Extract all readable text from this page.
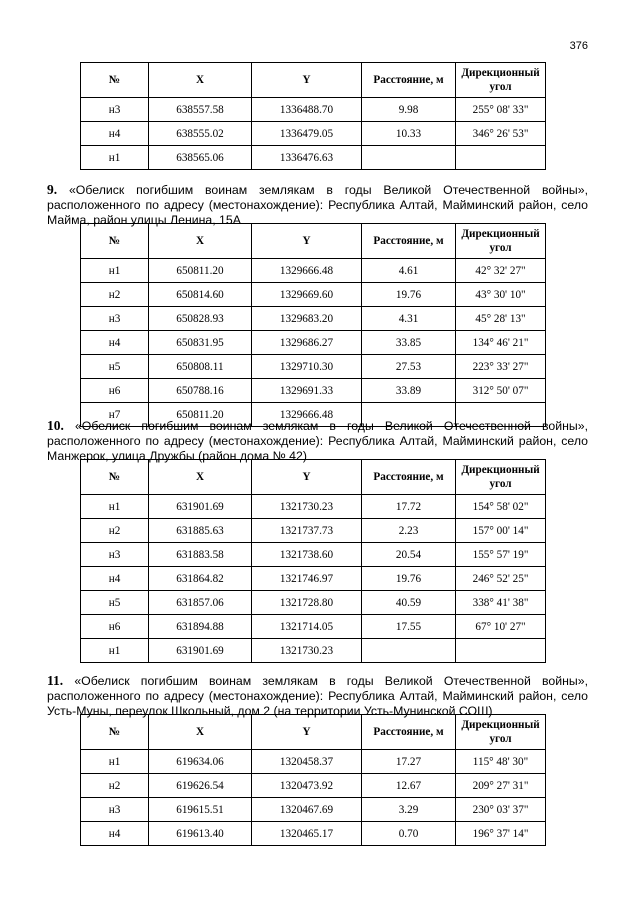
376
№	X	Y	Расстояние, м	Дирекционный угол
н3	638557.58	1336488.70	9.98	255° 08' 33"
н4	638555.02	1336479.05	10.33	346° 26' 53"
н1	638565.06	1336476.63		
9. «Обелиск погибшим воинам землякам в годы Великой Отечественной войны», расположенного по адресу (местонахождение): Республика Алтай, Майминский район, село Майма, район улицы Ленина, 15А
№	X	Y	Расстояние, м	Дирекционный угол
н1	650811.20	1329666.48	4.61	42° 32' 27"
н2	650814.60	1329669.60	19.76	43° 30' 10"
н3	650828.93	1329683.20	4.31	45° 28' 13"
н4	650831.95	1329686.27	33.85	134° 46' 21"
н5	650808.11	1329710.30	27.53	223° 33' 27"
н6	650788.16	1329691.33	33.89	312° 50' 07"
н7	650811.20	1329666.48		
10. «Обелиск погибшим воинам землякам в годы Великой Отечественной войны», расположенного по адресу (местонахождение): Республика Алтай, Майминский район, село Манжерок, улица Дружбы (район дома № 42)
№	X	Y	Расстояние, м	Дирекционный угол
н1	631901.69	1321730.23	17.72	154° 58' 02"
н2	631885.63	1321737.73	2.23	157° 00' 14"
н3	631883.58	1321738.60	20.54	155° 57' 19"
н4	631864.82	1321746.97	19.76	246° 52' 25"
н5	631857.06	1321728.80	40.59	338° 41' 38"
н6	631894.88	1321714.05	17.55	67° 10' 27"
н1	631901.69	1321730.23		
11. «Обелиск погибшим воинам землякам в годы Великой Отечественной войны», расположенного по адресу (местонахождение): Республика Алтай, Майминский район, село Усть-Муны, переулок Школьный, дом 2 (на территории Усть-Мунинской СОШ)
№	X	Y	Расстояние, м	Дирекционный угол
н1	619634.06	1320458.37	17.27	115° 48' 30"
н2	619626.54	1320473.92	12.67	209° 27' 31"
н3	619615.51	1320467.69	3.29	230° 03' 37"
н4	619613.40	1320465.17	0.70	196° 37' 14"
